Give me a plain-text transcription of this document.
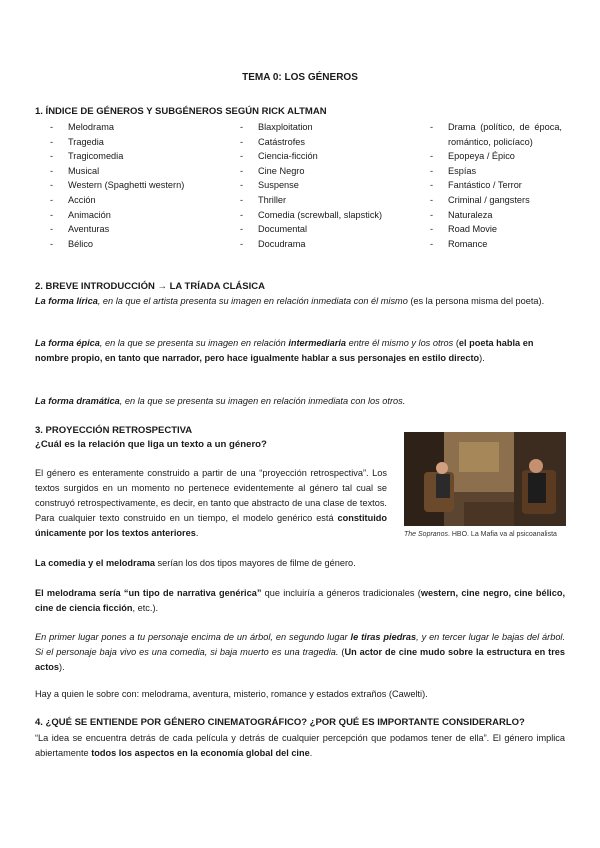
TEMA 0: LOS GÉNEROS
1. ÍNDICE DE GÉNEROS Y SUBGÉNEROS SEGÚN RICK ALTMAN
- Melodrama
- Tragedia
- Tragicomedia
- Musical
- Western (Spaghetti western)
- Acción
- Animación
- Aventuras
- Bélico
- Blaxploitation
- Catástrofes
- Ciencia-ficción
- Cine Negro
- Suspense
- Thriller
- Comedia (screwball, slapstick)
- Documental
- Docudrama
- Drama (político, de época, romántico, policíaco)
- Epopeya / Épico
- Espías
- Fantástico / Terror
- Criminal / gangsters
- Naturaleza
- Road Movie
- Romance
2. BREVE INTRODUCCIÓN → LA TRÍADA CLÁSICA
La forma lírica, en la que el artista presenta su imagen en relación inmediata con él mismo (es la persona misma del poeta).
La forma épica, en la que se presenta su imagen en relación intermediaria entre él mismo y los otros (el poeta habla en nombre propio, en tanto que narrador, pero hace igualmente hablar a sus personajes en estilo directo).
La forma dramática, en la que se presenta su imagen en relación inmediata con los otros.
3. PROYECCIÓN RETROSPECTIVA
¿Cuál es la relación que liga un texto a un género?
The Sopranos. HBO. La Mafia va al psicoanalista
El género es enteramente construido a partir de una “proyección retrospectiva”. Los textos surgidos en un momento no pertenece evidentemente al género tal cual se construyó retrospectivamente, es decir, en tanto que abstracto de una clase de textos. Para cualquier texto construido en un tiempo, el modelo genérico está constituido únicamente por los textos anteriores.
La comedia y el melodrama serían los dos tipos mayores de filme de género.
El melodrama sería “un tipo de narrativa genérica” que incluiría a géneros tradicionales (western, cine negro, cine bélico, cine de ciencia ficción, etc.).
En primer lugar pones a tu personaje encima de un árbol, en segundo lugar le tiras piedras, y en tercer lugar le bajas del árbol. Si el personaje baja vivo es una comedia, si baja muerto es una tragedia. (Un actor de cine mudo sobre la estructura en tres actos).
Hay a quien le sobre con: melodrama, aventura, misterio, romance y estados extraños (Cawelti).
4. ¿QUÉ SE ENTIENDE POR GÉNERO CINEMATOGRÁFICO? ¿POR QUÉ ES IMPORTANTE CONSIDERARLO?
“La idea se encuentra detrás de cada película y detrás de cualquier percepción que podamos tener de ella”. El género implica abiertamente todos los aspectos en la economía global del cine.
